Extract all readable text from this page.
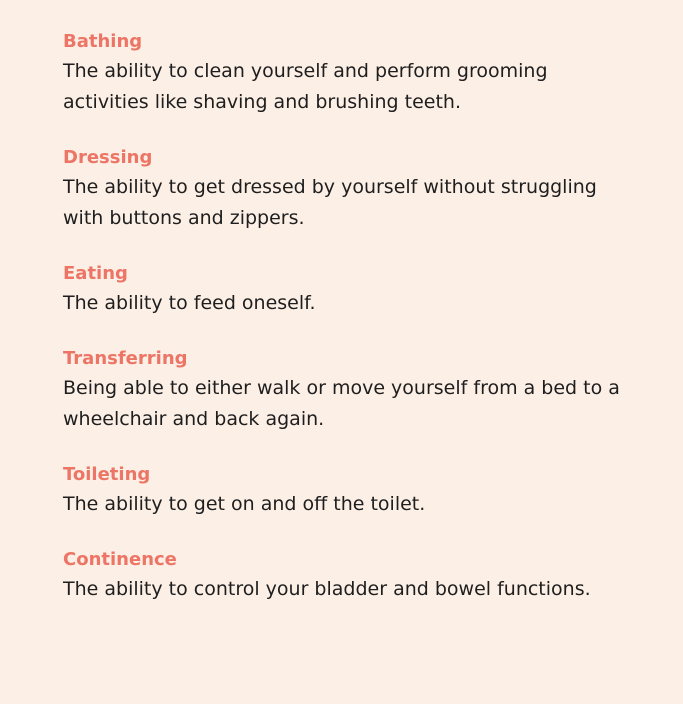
Bathing

The ability to clean yourself and perform grooming activities like shaving and brushing teeth.

Dressing

The ability to get dressed by yourself without struggling with buttons and zippers.

Eating

The ability to feed oneself.

Transferring

Being able to either walk or move yourself from a bed to a wheelchair and back again.

Toileting

The ability to get on and off the toilet.

Continence

The ability to control your bladder and bowel functions.
